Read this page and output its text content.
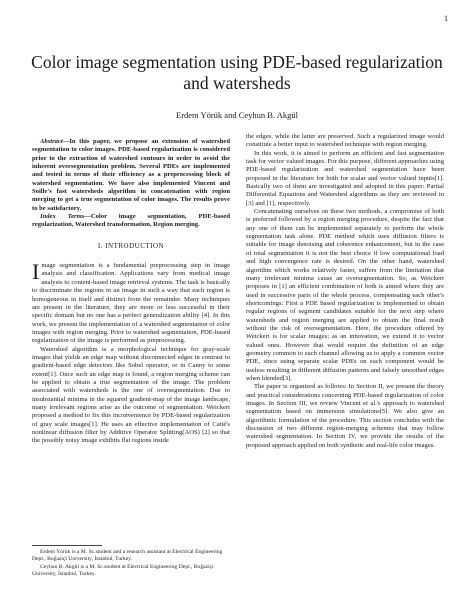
1
Color image segmentation using PDE-based regularization and watersheds
Erdem Yörük and Ceyhun B. Akgül
Abstract—In this paper, we propose an extension of watershed segmentation to color images. PDE-based regularization is considered prior to the extraction of watershed contours in order to avoid the inherent oversegmentation problem. Several PDEs are implemented and tested in terms of their efficiency as a preprocessing block of watershed segmentation. We have also implemented Vincent and Soille's fast watersheds algorithm in concatenation with region merging to get a true segmentation of color images. The results prove to be satisfactory.
Index Terms—Color image segmentation, PDE-based regularization, Watershed transformation, Region merging.
I. INTRODUCTION
Image segmentation is a fundamental preprocessing step in image analysis and classification. Applications vary from medical image analysis to content-based image retrieval systems. The task is basically to discriminate the regions in an image in such a way that each region is homogeneous in itself and distinct from the remainder. Many techniques are present in the literature, they are more or less successful in their specific domain but no one has a perfect generalization ability [4]. In this work, we present the implementation of a watershed segmentation of color images with region merging. Prior to watershed segmentation, PDE-based regularization of the image is performed as preprocessing.
Watershed algorithm is a morphological technique for gray-scale images that yields an edge map without disconnected edges in contrast to gradient-based edge detectors like Sobel operator, or in Canny to some extent[1]. Once such an edge map is found, a region merging scheme can be applied to obtain a true segmentation of the image. The problem associated with watersheds is the one of oversegmentation. Due to insubstantial minima in the squared gradient-map of the image landscape, many irrelevant regions arise as the outcome of segmentation. Weickert proposed a method to fix this inconvenience by PDE-based regularization of gray scale images[1]. He uses an effective implementation of Catté's nonlinear diffusion filter by Additive Operator Splitting(AOS) [2] so that the possibly noisy image exhibits flat regions inside
Erdem Yörük is a M. Sc.student and a research assistant at Electrical Engineering Dept., Boğaziçi University, İstanbul, Turkey.
Ceyhun B. Akgül is a M. Sc.student at Electrical Engineering Dept., Boğaziçi University, İstanbul, Turkey.
the edges, while the latter are preserved. Such a regularized image would constitute a better input to watershed technique with region merging.
In this work, it is aimed to perform an efficient and fast segmentation task for vector valued images. For this purpose, different approaches using PDE-based regularization and watershed segmentation have been proposed in the literature for both for scalar and vector valued inputs[1]. Basically two of them are investigated and adopted in this paper: Partial Differential Equations and Watershed algorithms as they are reviewed in [3] and [1], respectively.
Concatenating ourselves on these two methods, a compromise of both is preferred followed by a region merging procedure, despite the fact that any one of them can be implemented separately to perform the whole segmentation task alone. PDE method which uses diffusion filters is suitable for image denoising and coherence enhancement, but in the case of total segmentation it is not the best choice if low computational load and high convergence rate is desired. On the other hand, watershed algorithm which works relatively faster, suffers from the limitation that many irrelevant minima cause an oversegmentation. So, as Weickert proposes in [1] an efficient combination of both is aimed where they are used in successive parts of the whole process, compensating each other's shortcomings: First a PDE based regularization is implemented to obtain regular regions of segment candidates suitable for the next step where watersheds and region merging are applied to obtain the final result without the risk of oversegmentation. Here, the procedure offered by Weickert is for scalar images; as an innovation, we extend it to vector valued ones. However that would require the definition of an edge geometry common to each channel allowing us to apply a common vector PDE, since using separate scalar PDEs on each component would be useless resulting in different diffusion patterns and falsely smoothed edges when blended[3].
The paper is organized as follows: In Section II, we present the theory and practical considerations concerning PDE-based regularization of color images. In Section III, we review Vincent et al.'s approach to watershed segmentation based on immersion simulations[5]. We also give an algorithmic formulation of the procedure. This section concludes with the discussion of two different region-merging schemes that may follow watershed segmentation. In Section IV, we provide the results of the proposed approach applied on both synthetic and real-life color images.
